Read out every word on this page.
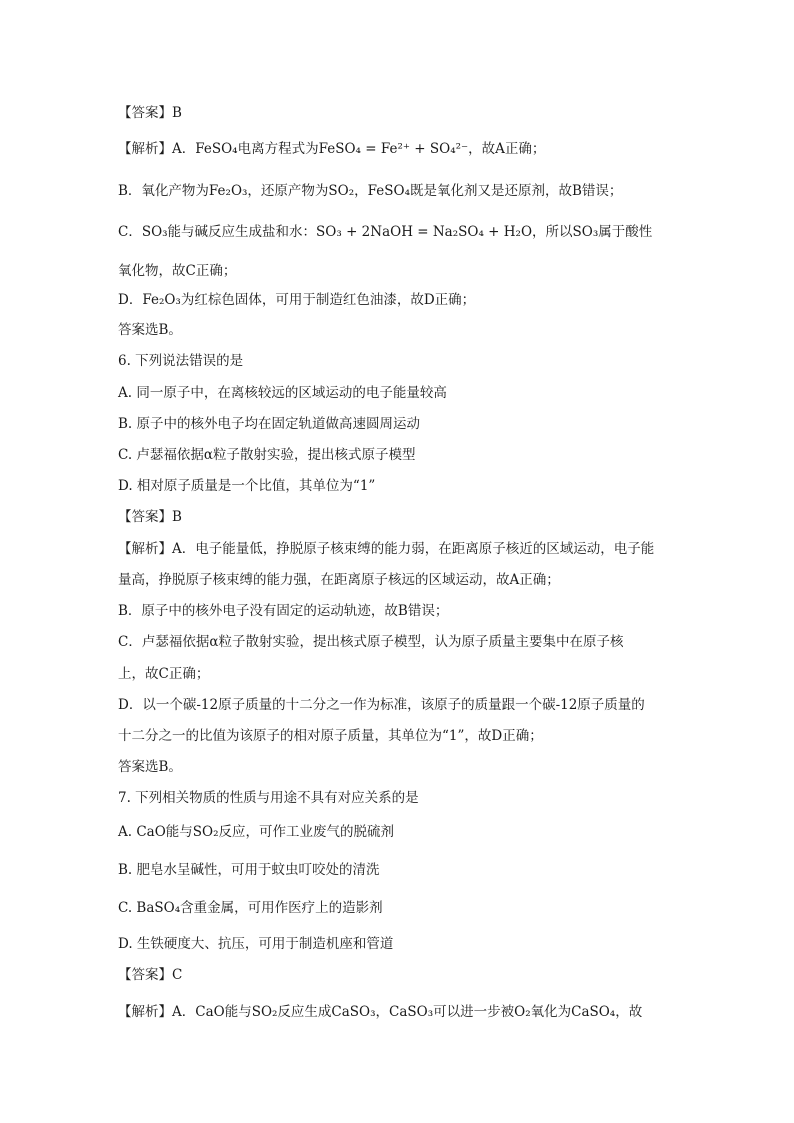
【答案】B
【解析】A．FeSO₄电离方程式为FeSO₄ = Fe²⁺ + SO₄²⁻，故A正确；
B．氧化产物为Fe₂O₃，还原产物为SO₂，FeSO₄既是氧化剂又是还原剂，故B错误；
C．SO₃能与碱反应生成盐和水：SO₃ + 2NaOH = Na₂SO₄ + H₂O，所以SO₃属于酸性
氧化物，故C正确；
D．Fe₂O₃为红棕色固体，可用于制造红色油漆，故D正确；
答案选B。
6. 下列说法错误的是
A. 同一原子中，在离核较远的区域运动的电子能量较高
B. 原子中的核外电子均在固定轨道做高速圆周运动
C. 卢瑟福依据α粒子散射实验，提出核式原子模型
D. 相对原子质量是一个比值，其单位为“1”
【答案】B
【解析】A．电子能量低，挣脱原子核束缚的能力弱，在距离原子核近的区域运动，电子能
量高，挣脱原子核束缚的能力强，在距离原子核远的区域运动，故A正确；
B．原子中的核外电子没有固定的运动轨迹，故B错误；
C．卢瑟福依据α粒子散射实验，提出核式原子模型，认为原子质量主要集中在原子核
上，故C正确；
D．以一个碳-12原子质量的十二分之一作为标准，该原子的质量跟一个碳-12原子质量的
十二分之一的比值为该原子的相对原子质量，其单位为“1”，故D正确；
答案选B。
7. 下列相关物质的性质与用途不具有对应关系的是
A. CaO能与SO₂反应，可作工业废气的脱硫剂
B. 肥皂水呈碱性，可用于蚊虫叮咬处的清洗
C. BaSO₄含重金属，可用作医疗上的造影剂
D. 生铁硬度大、抗压，可用于制造机座和管道
【答案】C
【解析】A．CaO能与SO₂反应生成CaSO₃，CaSO₃可以进一步被O₂氧化为CaSO₄，故
